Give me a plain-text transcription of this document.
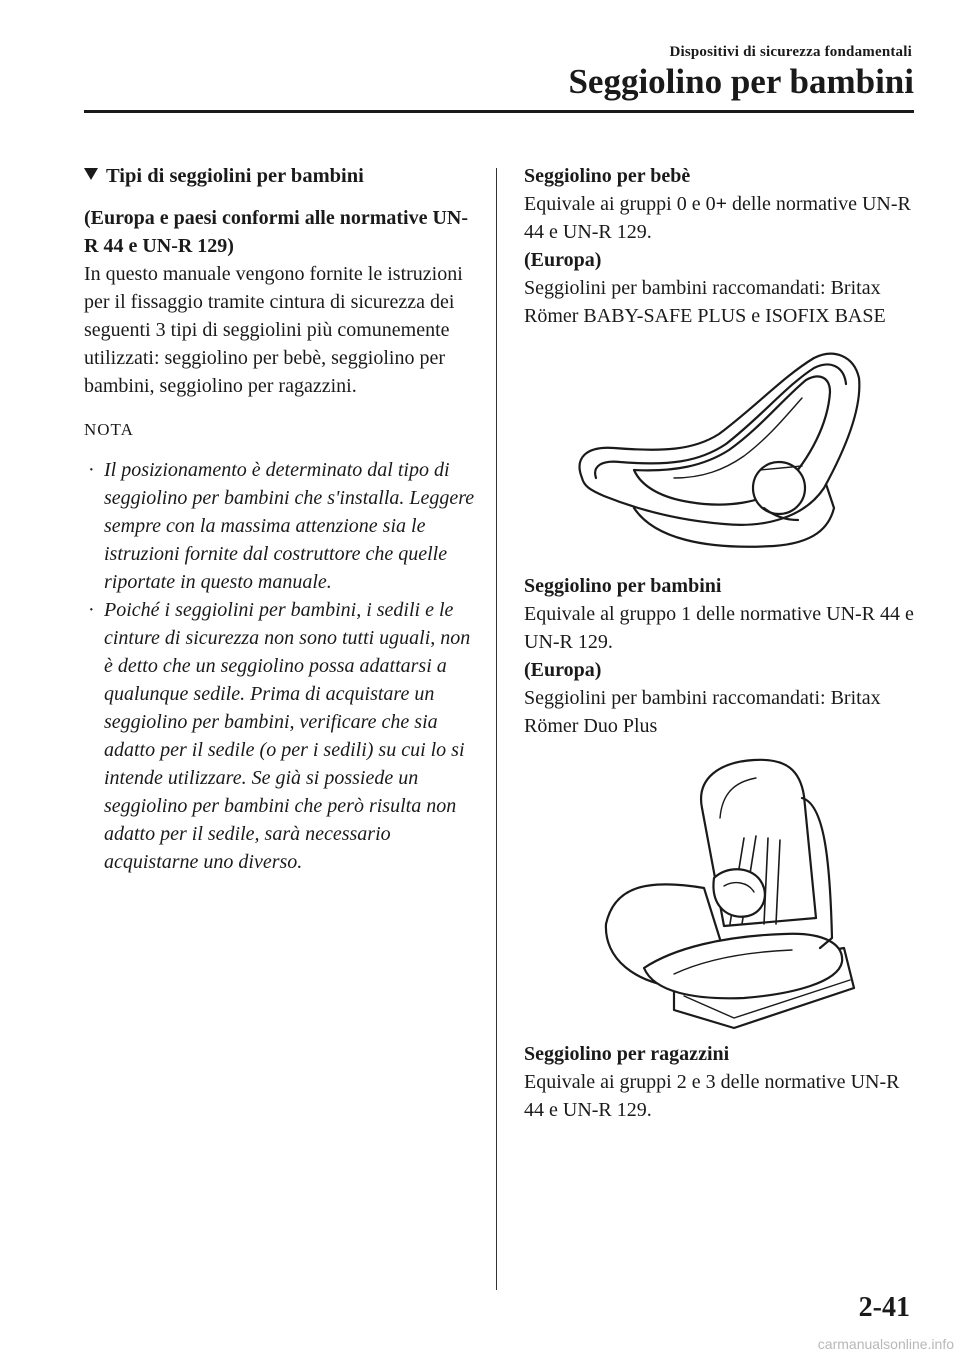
Dispositivi di sicurezza fondamentali
Seggiolino per bambini
Tipi di seggiolini per bambini

(Europa e paesi conformi alle normative UN-R 44 e UN-R 129)

In questo manuale vengono fornite le istruzioni per il fissaggio tramite cintura di sicurezza dei seguenti 3 tipi di seggiolini più comunemente utilizzati: seggiolino per bebè, seggiolino per bambini, seggiolino per ragazzini.

NOTA
· Il posizionamento è determinato dal tipo di seggiolino per bambini che s'installa. Leggere sempre con la massima attenzione sia le istruzioni fornite dal costruttore che quelle riportate in questo manuale.
· Poiché i seggiolini per bambini, i sedili e le cinture di sicurezza non sono tutti uguali, non è detto che un seggiolino possa adattarsi a qualunque sedile. Prima di acquistare un seggiolino per bambini, verificare che sia adatto per il sedile (o per i sedili) su cui lo si intende utilizzare. Se già si possiede un seggiolino per bambini che però risulta non adatto per il sedile, sarà necessario acquistarne uno diverso.

Seggiolino per bebè

Equivale ai gruppi 0 e 0+ delle normative UN-R 44 e UN-R 129.

(Europa)

Seggiolini per bambini raccomandati: Britax Römer BABY-SAFE PLUS e ISOFIX BASE

Seggiolino per bambini

Equivale al gruppo 1 delle normative UN-R 44 e UN-R 129.

(Europa)

Seggiolini per bambini raccomandati: Britax Römer Duo Plus

Seggiolino per ragazzini

Equivale ai gruppi 2 e 3 delle normative UN-R 44 e UN-R 129.

2-41
carmanualsonline.info
